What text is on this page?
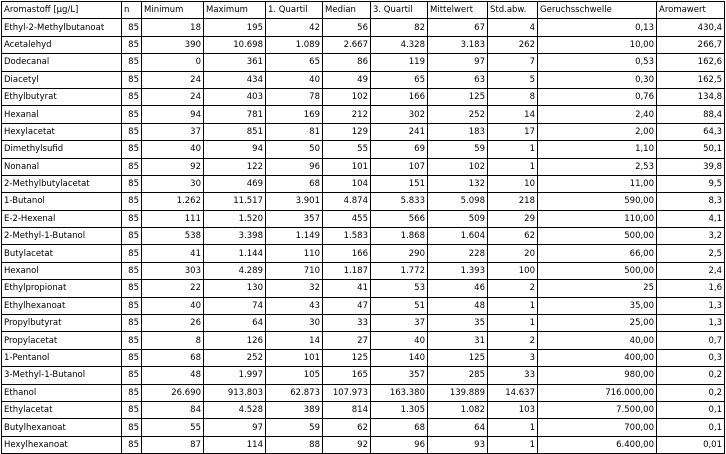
Aromastoff [µg/L]	n	Minimum	Maximum	1. Quartil	Median	3. Quartil	Mittelwert	Std.abw.	Geruchsschwelle	Aromawert
Ethyl-2-Methylbutanoat	85	18	195	42	56	82	67	4	0,13	430,4
Acetalehyd	85	390	10.698	1.089	2.667	4.328	3.183	262	10,00	266,7
Dodecanal	85	0	361	65	86	119	97	7	0,53	162,6
Diacetyl	85	24	434	40	49	65	63	5	0,30	162,5
Ethylbutyrat	85	24	403	78	102	166	125	8	0,76	134,8
Hexanal	85	94	781	169	212	302	252	14	2,40	88,4
Hexylacetat	85	37	851	81	129	241	183	17	2,00	64,3
Dimethylsufid	85	40	94	50	55	69	59	1	1,10	50,1
Nonanal	85	92	122	96	101	107	102	1	2,53	39,8
2-Methylbutylacetat	85	30	469	68	104	151	132	10	11,00	9,5
1-Butanol	85	1.262	11.517	3.901	4.874	5.833	5.098	218	590,00	8,3
E-2-Hexenal	85	111	1.520	357	455	566	509	29	110,00	4,1
2-Methyl-1-Butanol	85	538	3.398	1.149	1.583	1.868	1.604	62	500,00	3,2
Butylacetat	85	41	1.144	110	166	290	228	20	66,00	2,5
Hexanol	85	303	4.289	710	1.187	1.772	1.393	100	500,00	2,4
Ethylpropionat	85	22	130	32	41	53	46	2	25	1,6
Ethylhexanoat	85	40	74	43	47	51	48	1	35,00	1,3
Propylbutyrat	85	26	64	30	33	37	35	1	25,00	1,3
Propylacetat	85	8	126	14	27	40	31	2	40,00	0,7
1-Pentanol	85	68	252	101	125	140	125	3	400,00	0,3
3-Methyl-1-Butanol	85	48	1.997	105	165	357	285	33	980,00	0,2
Ethanol	85	26.690	913.803	62.873	107.973	163.380	139.889	14.637	716.000,00	0,2
Ethylacetat	85	84	4.528	389	814	1.305	1.082	103	7.500,00	0,1
Butylhexanoat	85	55	97	59	62	68	64	1	700,00	0,1
Hexylhexanoat	85	87	114	88	92	96	93	1	6.400,00	0,01
